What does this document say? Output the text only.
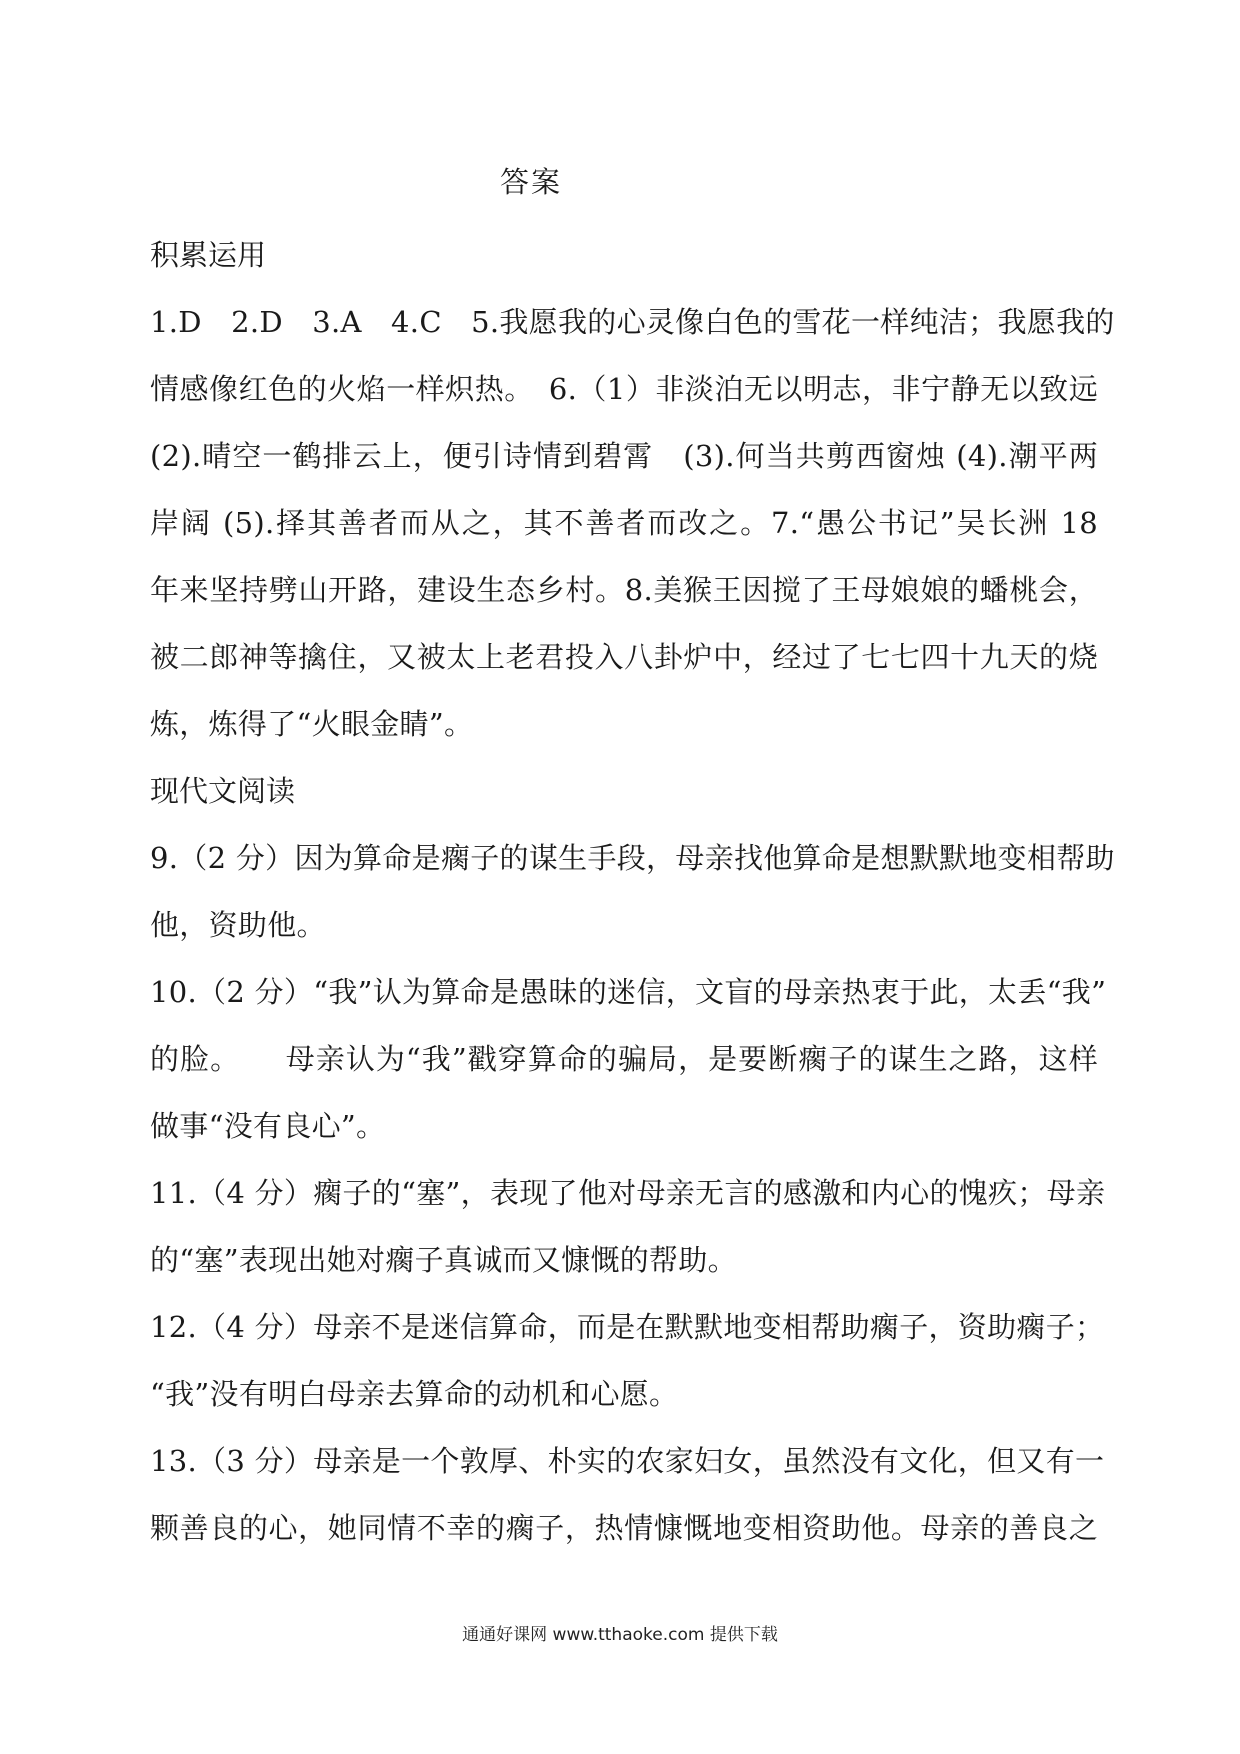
答案
积累运用
1.D　2.D　3.A　4.C　5.我愿我的心灵像白色的雪花一样纯洁；我愿我的
情感像红色的火焰一样炽热。　6.（1）非淡泊无以明志，非宁静无以致远
(2).晴空一鹤排云上，便引诗情到碧霄　(3).何当共剪西窗烛 (4).潮平两
岸阔 (5).择其善者而从之，其不善者而改之。7.“愚公书记”吴长洲 18
年来坚持劈山开路，建设生态乡村。8.美猴王因搅了王母娘娘的蟠桃会，
被二郎神等擒住，又被太上老君投入八卦炉中，经过了七七四十九天的烧
炼，炼得了“火眼金睛”。
现代文阅读
9.（2 分）因为算命是瘸子的谋生手段，母亲找他算命是想默默地变相帮助
他，资助他。
10.（2 分）“我”认为算命是愚昧的迷信，文盲的母亲热衷于此，太丢“我”
的脸。　　母亲认为“我”戳穿算命的骗局，是要断瘸子的谋生之路，这样
做事“没有良心”。
11.（4 分）瘸子的“塞”，表现了他对母亲无言的感激和内心的愧疚；母亲
的“塞”表现出她对瘸子真诚而又慷慨的帮助。
12.（4 分）母亲不是迷信算命，而是在默默地变相帮助瘸子，资助瘸子；
“我”没有明白母亲去算命的动机和心愿。
13.（3 分）母亲是一个敦厚、朴实的农家妇女，虽然没有文化，但又有一
颗善良的心，她同情不幸的瘸子，热情慷慨地变相资助他。母亲的善良之
通通好课网 www.tthaoke.com 提供下载
